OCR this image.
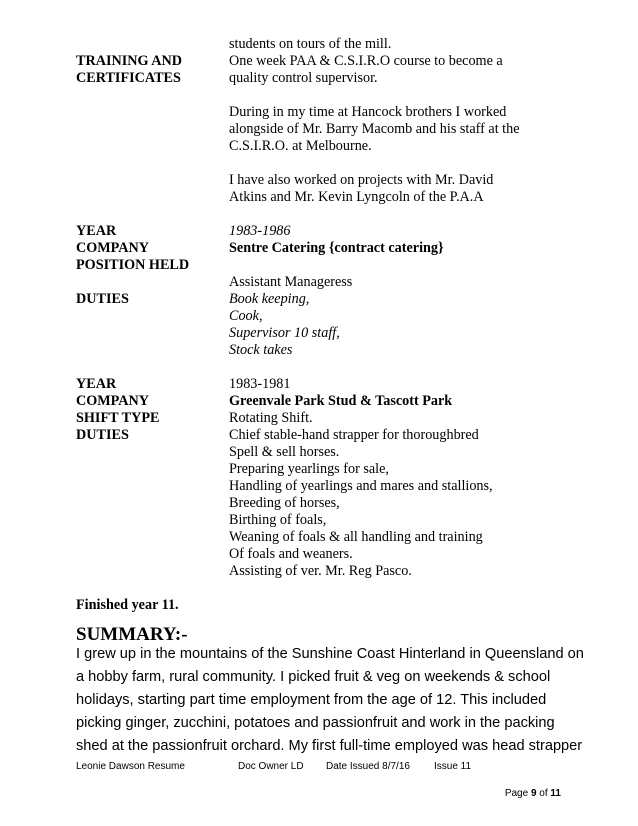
students on tours of the mill.
TRAINING AND	One week PAA & C.S.I.R.O course to become a
CERTIFICATES	quality control supervisor.
During in my time at Hancock brothers I worked
alongside of Mr. Barry Macomb and his staff at the
C.S.I.R.O. at Melbourne.
I have also worked on projects with Mr. David
Atkins and Mr. Kevin Lyngcoln of the P.A.A
YEAR	1983-1986
COMPANY	Sentre Catering {contract catering}
POSITION HELD
Assistant Manageress
DUTIES	Book keeping,
Cook,
Supervisor 10 staff,
Stock takes
YEAR	1983-1981
COMPANY	Greenvale Park Stud & Tascott Park
SHIFT TYPE	Rotating Shift.
DUTIES	Chief stable-hand strapper for thoroughbred
Spell & sell horses.
Preparing yearlings for sale,
Handling of yearlings and mares and stallions,
Breeding of horses,
Birthing of foals,
Weaning of foals & all handling and training
Of foals and weaners.
Assisting of ver. Mr. Reg Pasco.
Finished year 11.
SUMMARY:-
I grew up in the mountains of the Sunshine Coast Hinterland in Queensland on
a hobby farm, rural community. I picked fruit & veg on weekends & school
holidays, starting part time employment from the age of 12. This included
picking ginger, zucchini, potatoes and passionfruit and work in the packing
shed at the passionfruit orchard. My first full-time employed was head strapper
Leonie Dawson Resume	Doc Owner LD Date Issued 8/7/16 Issue 11
Page 9 of 11
